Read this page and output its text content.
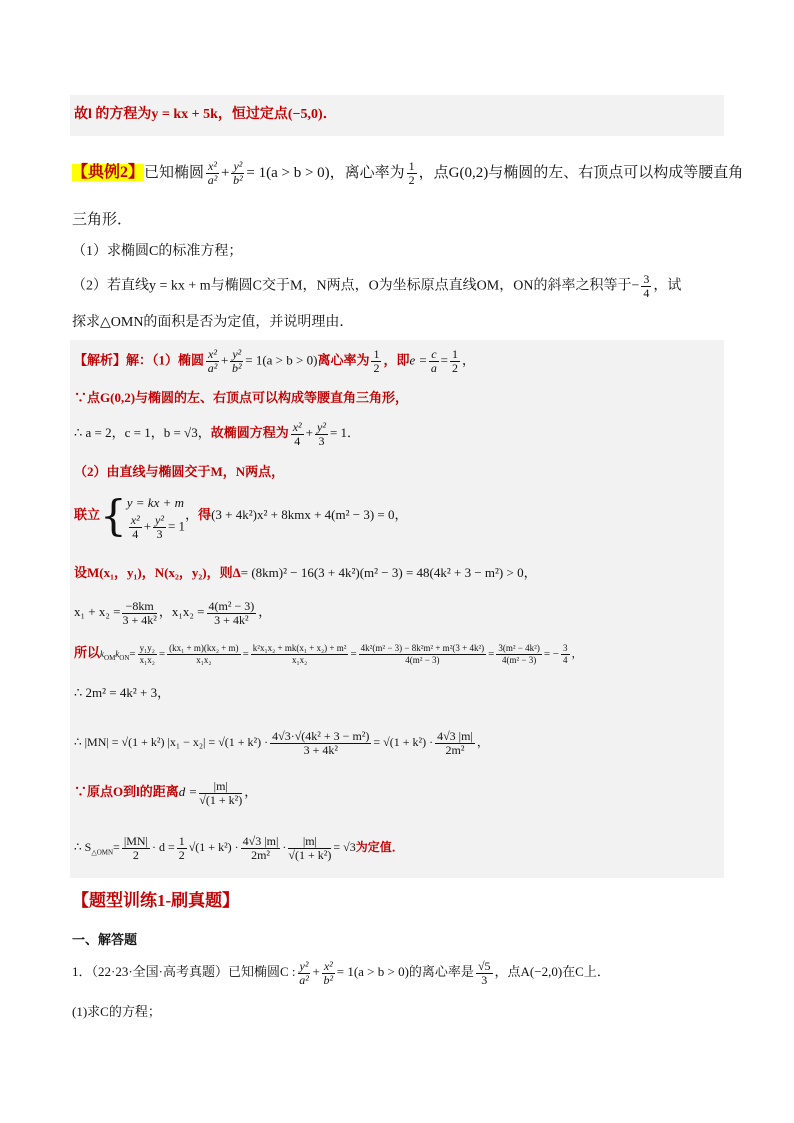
故l 的方程为y = kx + 5k，恒过定点(−5,0)．
【典例2】已知椭圆 $\frac{\text{x²}}{\text{a²}} + \frac{\text{y²}}{\text{b²}} = 1(a > b > 0)$，离心率为 $\frac{1}{2}$ ，点G(0,2)与椭圆的左、右顶点可以构成等腰直角
三角形．
（1）求椭圆C的标准方程；
（2）若直线y = kx + m与椭圆C交于M，N两点，O为坐标原点直线OM，ON的斜率之积等于− $\frac{3}{4}$ ，试
探求△OMN的面积是否为定值，并说明理由．
【解析】解：（1）椭圆 $\frac{\text{x²}}{\text{a²}} + \frac{\text{y²}}{\text{b²}} = 1(a > b > 0)$离心率为 $\frac{1}{2}$ ，即$e = \frac{c}{a} = \frac{1}{2}$ ，
∵点G(0,2)与椭圆的左、右顶点可以构成等腰直角三角形，
∴ a = 2，c = 1，b = √3，故椭圆方程为 $\frac{\text{x²}}{4} + \frac{\text{y²}}{3} = 1$．
（2）由直线与椭圆交于M，N两点，
联立{ y = kx + m
$\frac{\text{x²}}{4} + \frac{\text{y²}}{3} = 1$
，得(3 + 4k²)x² + 8kmx + 4(m² − 3) = 0，
设M(x₁，y₁)，N(x₂，y₂)，则Δ= (8km)² − 16(3 + 4k²)(m² − 3) = 48(4k² + 3 − m²) > 0，
$x_1 + x_2 = \frac{-8km}{\text{3 + 4k²}}$ ，$x_1x_2 = \frac{\text{4(m² − 3)}}{\text{3 + 4k²}}$ ，
所以$k_{OM}k_{ON}= \frac{\text{y₁y₂}}{\text{x₁x₂}} = \frac{\text{(kx₁ + m)(kx₂ + m)}}{\text{x₁x₂}} = \frac{\text{k²x₁x₂ + mk(x₁ + x₂) + m²}}{\text{x₁x₂}} = \frac{\text{4k²(m² − 3) − 8k²m² + m²(3 + 4k²)}}{\text{4(m² − 3)}} = \frac{\text{3(m² − 4k²)}}{\text{4(m² − 3)}}$ = − $\frac{3}{4}$ ，
∴ 2m² = 4k² + 3，
∴ |MN| = √(1 + k²) $|x_1 - x_2| = √(1 + k^2) \cdot \frac{\text{4√3·√(4k² + 3 − m²)}}{\text{3 + 4k²}} = √(1 + k^2) \cdot \frac{4√3 |m|}{\text{2m²}}$ ，
∵原点O到l的距离$d = \frac{|m|}{\text{√(1 + k²)}}$ ，
∴ $S_{\triangle OMN}= \frac{|MN|}{2} \cdot d = \frac{1}{2} √(1 + k^2) \cdot \frac{4√3 |m|}{\text{2m²}} \cdot \frac{|m|}{\text{√(1 + k²)}} = √3$为定值．
【题型训练1-刷真题】
一、解答题
1．（22·23·全国·高考真题）已知椭圆C : $\frac{\text{y²}}{\text{a²}} + \frac{\text{x²}}{\text{b²}} = 1(a > b > 0)$的离心率是 $\frac{√5}{3}$ ，点A(−2,0)在C上．
(1)求C的方程；
